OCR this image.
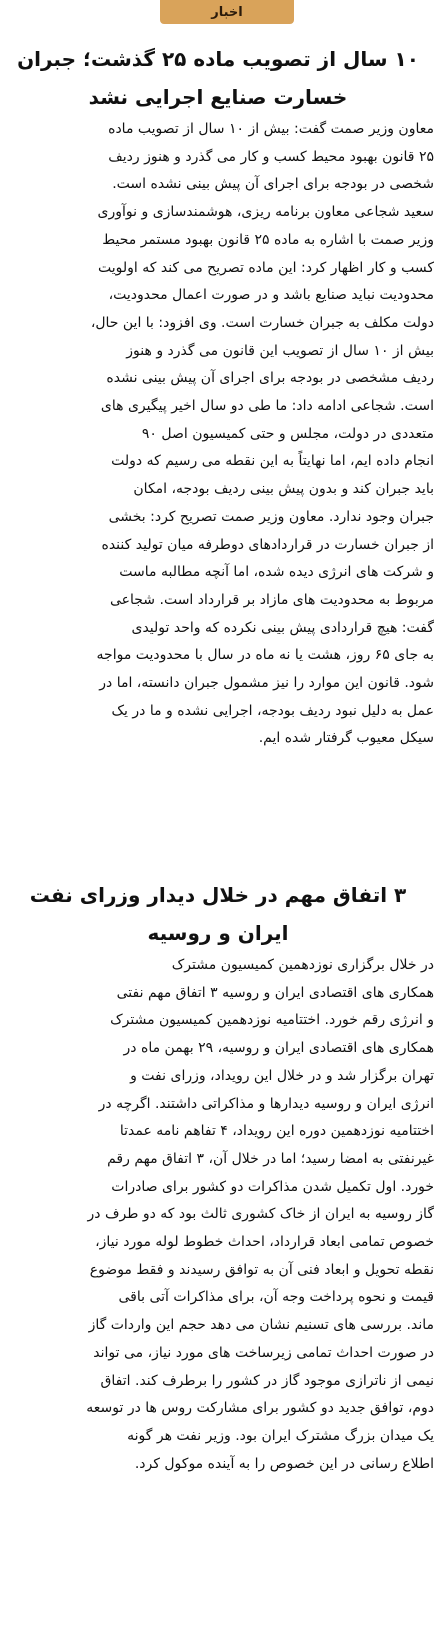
اخبار
۱۰ سال از تصویب ماده ۲۵ گذشت؛ جبران خسارت صنایع اجرایی نشد
معاون وزیر صمت گفت: بیش از ۱۰ سال از تصویب ماده
۲۵ قانون بهبود محیط کسب و کار می گذرد و هنوز ردیف
شخصی در بودجه برای اجرای آن پیش بینی نشده است.
سعید شجاعی معاون برنامه ریزی، هوشمندسازی و نوآوری
وزیر صمت با اشاره به ماده ۲۵ قانون بهبود مستمر محیط
کسب و کار اظهار کرد: این ماده تصریح می کند که اولویت
محدودیت نباید صنایع باشد و در صورت اعمال محدودیت،
دولت مکلف به جبران خسارت است. وی افزود: با این حال،
بیش از ۱۰ سال از تصویب این قانون می گذرد و هنوز
ردیف مشخصی در بودجه برای اجرای آن پیش بینی نشده
است. شجاعی ادامه داد: ما طی دو سال اخیر پیگیری های
متعددی در دولت، مجلس و حتی کمیسیون اصل ۹۰
انجام داده ایم، اما نهایتاً به این نقطه می رسیم که دولت
باید جبران کند و بدون پیش بینی ردیف بودجه، امکان
جبران وجود ندارد. معاون وزیر صمت تصریح کرد: بخشی
از جبران خسارت در قراردادهای دوطرفه میان تولید کننده
و شرکت های انرژی دیده شده، اما آنچه مطالبه ماست
مربوط به محدودیت های مازاد بر قرارداد است. شجاعی
گفت: هیچ قراردادی پیش بینی نکرده که واحد تولیدی
به جای ۶۵ روز، هشت یا نه ماه در سال با محدودیت مواجه
شود. قانون این موارد را نیز مشمول جبران دانسته، اما در
عمل به دلیل نبود ردیف بودجه، اجرایی نشده و ما در یک
سیکل معیوب گرفتار شده ایم.
۳ اتفاق مهم در خلال دیدار وزرای نفت ایران و روسیه
در خلال برگزاری نوزدهمین کمیسیون مشترک
همکاری های اقتصادی ایران و روسیه ۳ اتفاق مهم نفتی
و انرژی رقم خورد. اختتامیه نوزدهمین کمیسیون مشترک
همکاری های اقتصادی ایران و روسیه، ۲۹ بهمن ماه در
تهران برگزار شد و در خلال این رویداد، وزرای نفت و
انرژی ایران و روسیه دیدارها و مذاکراتی داشتند. اگرچه در
اختتامیه نوزدهمین دوره این رویداد، ۴ تفاهم نامه عمدتا
غیرنفتی به امضا رسید؛ اما در خلال آن، ۳ اتفاق مهم رقم
خورد. اول تکمیل شدن مذاکرات دو کشور برای صادرات
گاز روسیه به ایران از خاک کشوری ثالث بود که دو طرف در
خصوص تمامی ابعاد قرارداد، احداث خطوط لوله مورد نیاز،
نقطه تحویل و ابعاد فنی آن به توافق رسیدند و فقط موضوع
قیمت و نحوه پرداخت وجه آن، برای مذاکرات آتی باقی
ماند. بررسی های تسنیم نشان می دهد حجم این واردات گاز
در صورت احداث تمامی زیرساخت های مورد نیاز، می تواند
نیمی از ناترازی موجود گاز در کشور را برطرف کند. اتفاق
دوم، توافق جدید دو کشور برای مشارکت روس ها در توسعه
یک میدان بزرگ مشترک ایران بود. وزیر نفت هر گونه
اطلاع رسانی در این خصوص را به آینده موکول کرد.
